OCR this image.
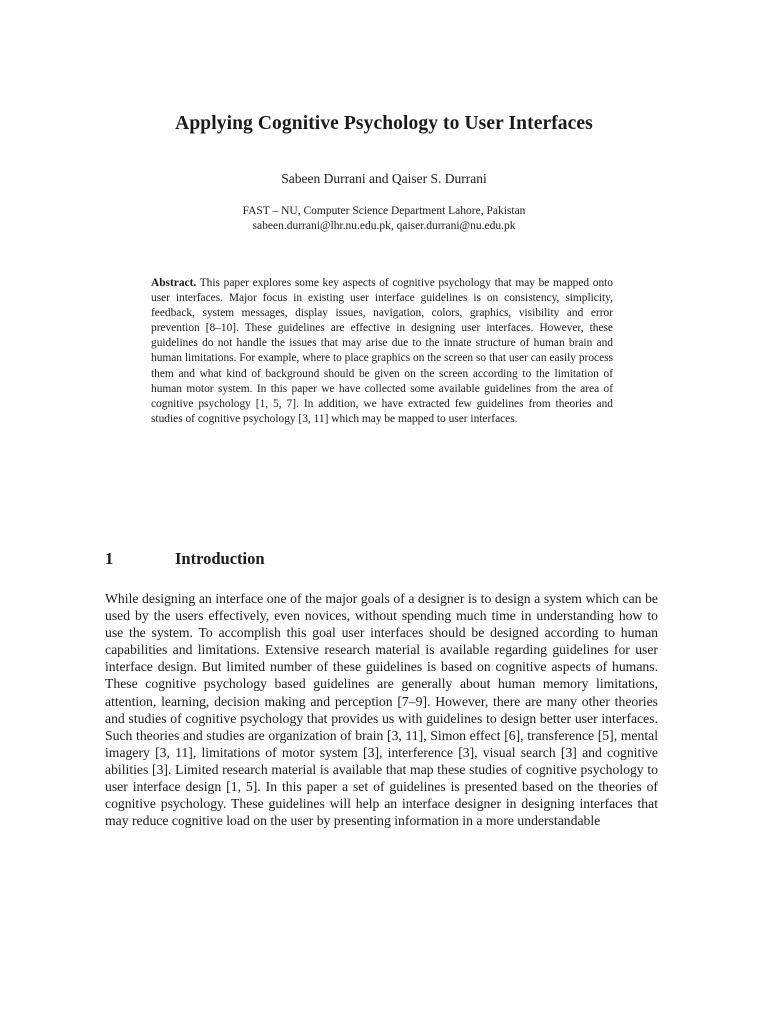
Applying Cognitive Psychology to User Interfaces
Sabeen Durrani and Qaiser S. Durrani
FAST – NU, Computer Science Department Lahore, Pakistan
sabeen.durrani@lhr.nu.edu.pk, qaiser.durrani@nu.edu.pk
Abstract. This paper explores some key aspects of cognitive psychology that may be mapped onto user interfaces. Major focus in existing user interface guidelines is on consistency, simplicity, feedback, system messages, display issues, navigation, colors, graphics, visibility and error prevention [8–10]. These guidelines are effective in designing user interfaces. However, these guidelines do not handle the issues that may arise due to the innate structure of human brain and human limitations. For example, where to place graphics on the screen so that user can easily process them and what kind of background should be given on the screen according to the limitation of human motor system. In this paper we have collected some available guidelines from the area of cognitive psychology [1, 5, 7]. In addition, we have extracted few guidelines from theories and studies of cognitive psychology [3, 11] which may be mapped to user interfaces.
1	Introduction
While designing an interface one of the major goals of a designer is to design a system which can be used by the users effectively, even novices, without spending much time in understanding how to use the system. To accomplish this goal user interfaces should be designed according to human capabilities and limitations. Extensive research material is available regarding guidelines for user interface design. But limited number of these guidelines is based on cognitive aspects of humans. These cognitive psychology based guidelines are generally about human memory limitations, attention, learning, decision making and perception [7–9]. However, there are many other theories and studies of cognitive psychology that provides us with guidelines to design better user interfaces. Such theories and studies are organization of brain [3, 11], Simon effect [6], transference [5], mental imagery [3, 11], limitations of motor system [3], interference [3], visual search [3] and cognitive abilities [3]. Limited research material is available that map these studies of cognitive psychology to user interface design [1, 5]. In this paper a set of guidelines is presented based on the theories of cognitive psychology. These guidelines will help an interface designer in designing interfaces that may reduce cognitive load on the user by presenting information in a more understandable
